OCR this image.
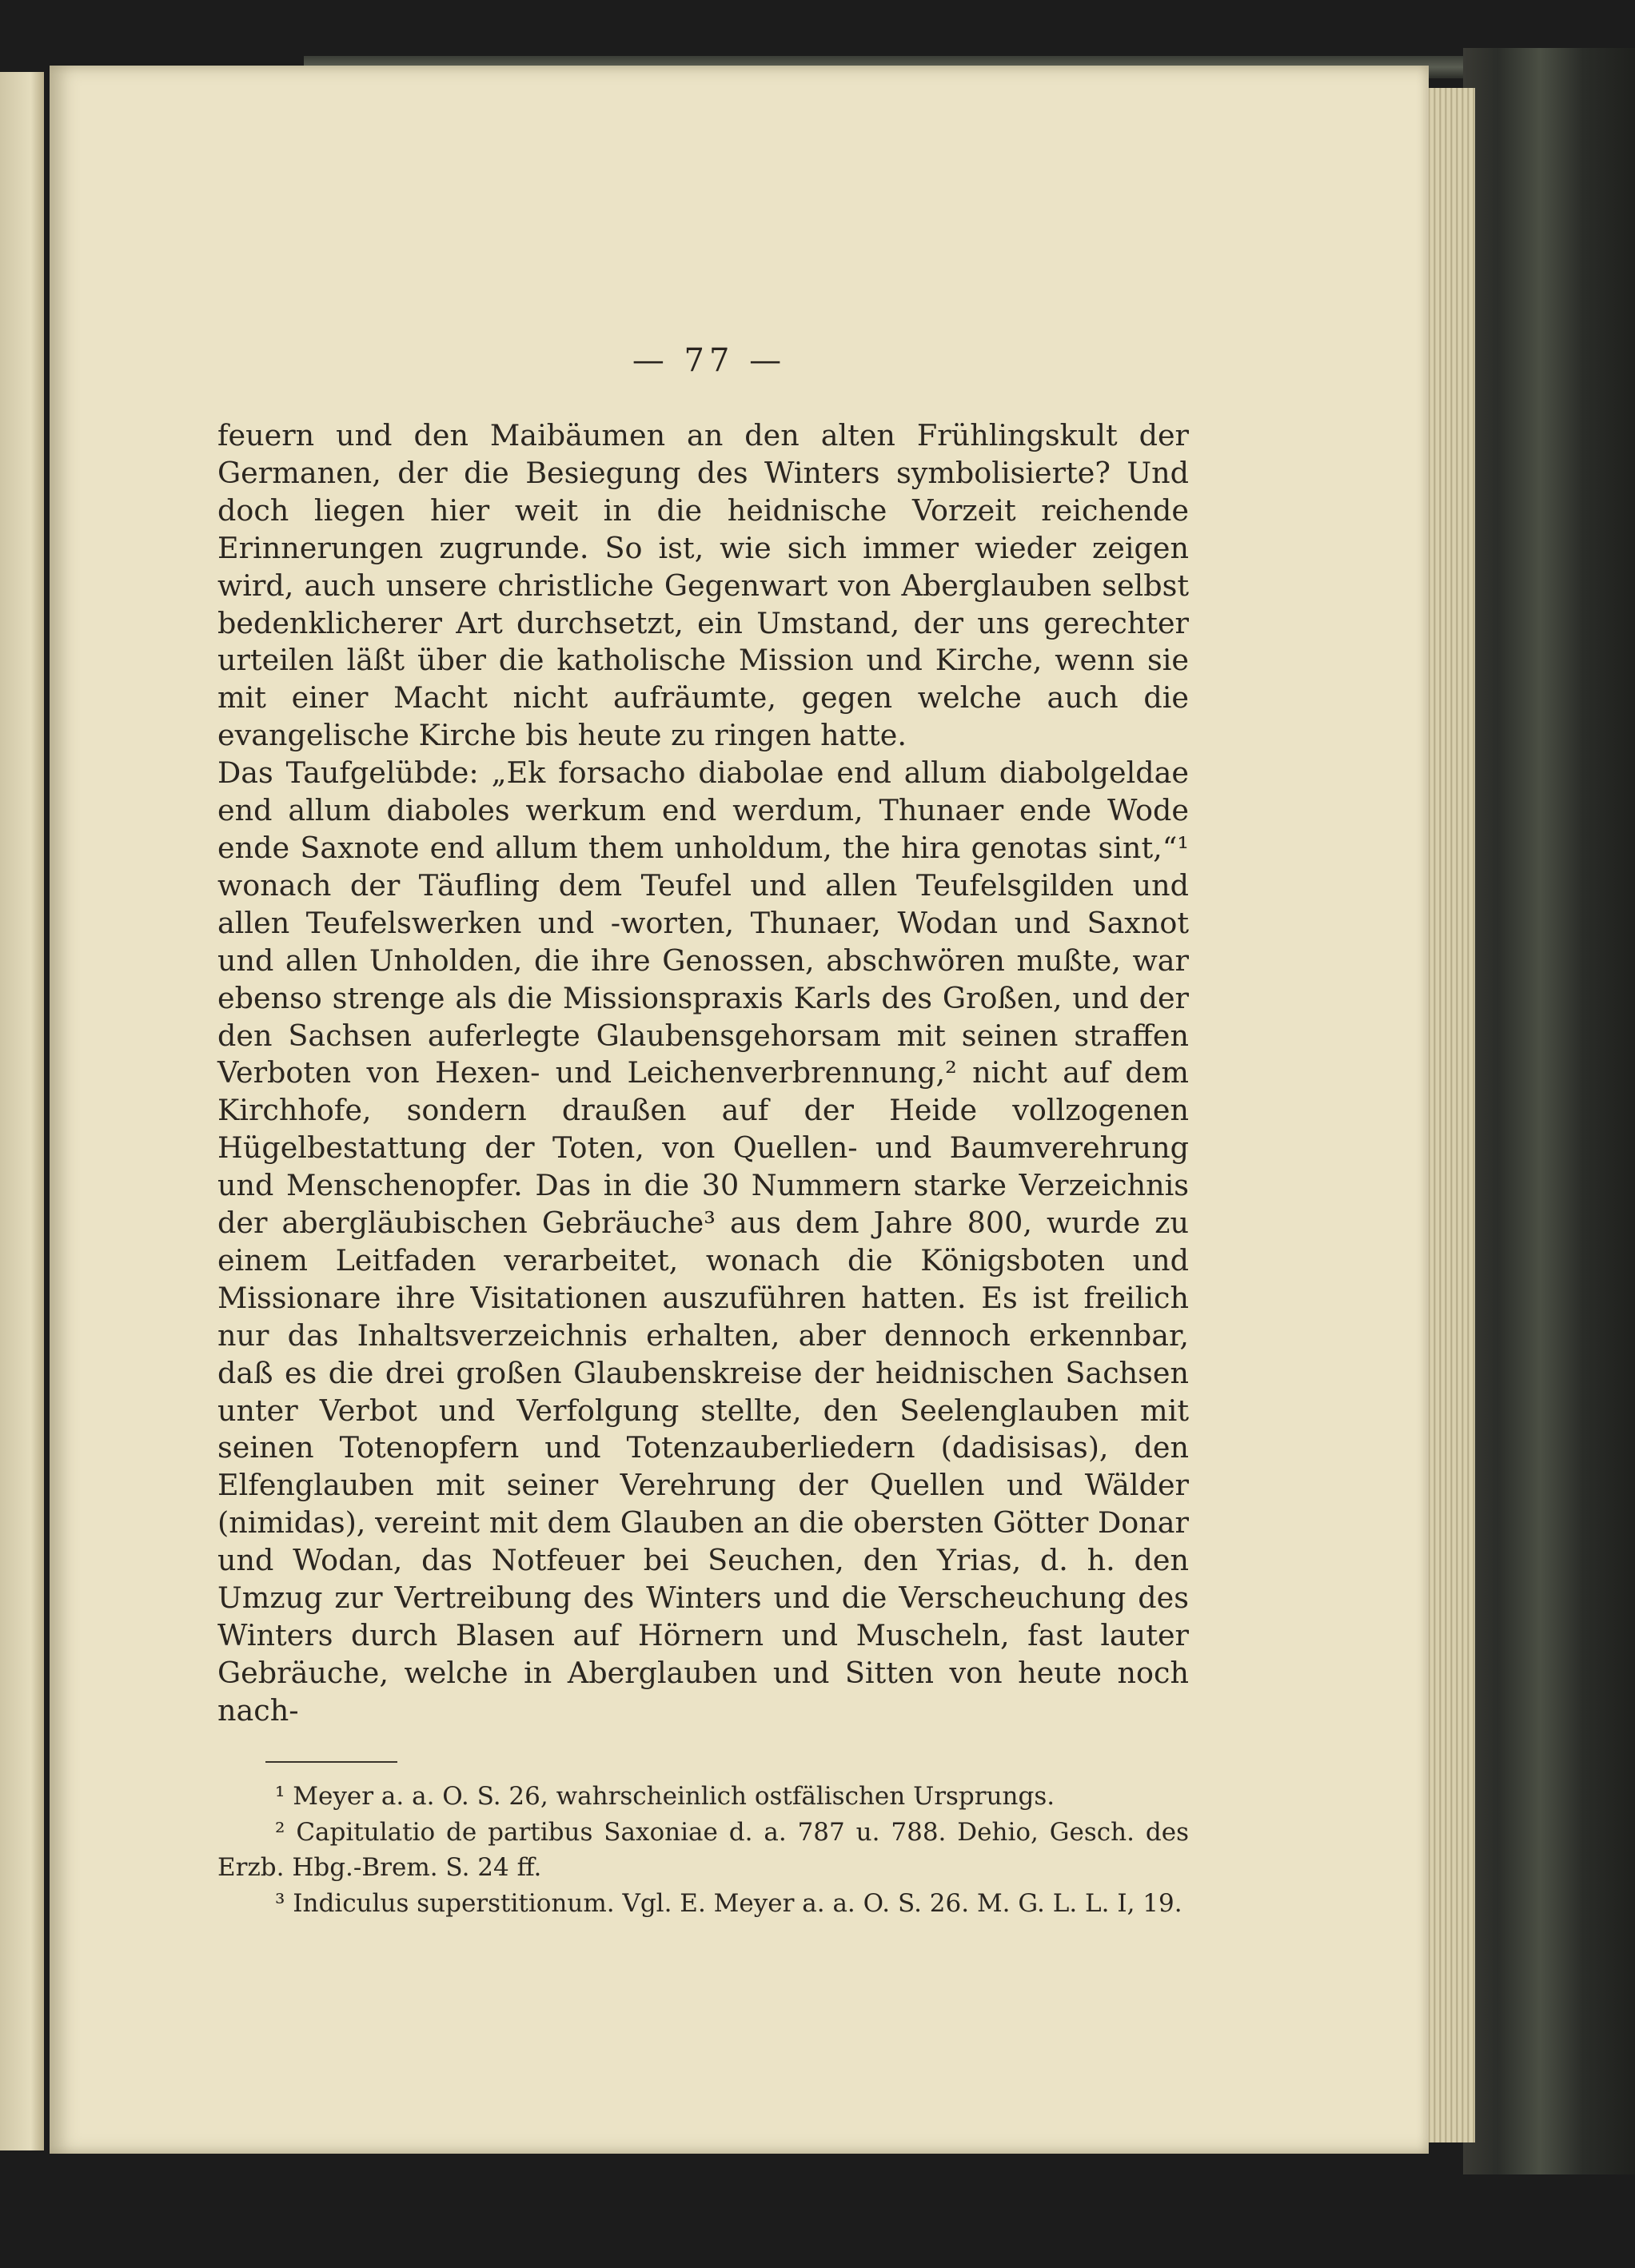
— 77 —

feuern und den Maibäumen an den alten Frühlingskult der Germanen, der die Besiegung des Winters symbolisierte? Und doch liegen hier weit in die heidnische Vorzeit reichende Erinnerungen zugrunde. So ist, wie sich immer wieder zeigen wird, auch unsere christliche Gegenwart von Aberglauben selbst bedenklicherer Art durchsetzt, ein Umstand, der uns gerechter urteilen läßt über die katholische Mission und Kirche, wenn sie mit einer Macht nicht aufräumte, gegen welche auch die evangelische Kirche bis heute zu ringen hatte.

Das Taufgelübde: „Ek forsacho diabolae end allum diabolgeldae end allum diaboles werkum end werdum, Thunaer ende Wode ende Saxnote end allum them unholdum, the hira genotas sint,“¹ wonach der Täufling dem Teufel und allen Teufelsgilden und allen Teufelswerken und -worten, Thunaer, Wodan und Saxnot und allen Unholden, die ihre Genossen, abschwören mußte, war ebenso strenge als die Missionspraxis Karls des Großen, und der den Sachsen auferlegte Glaubensgehorsam mit seinen straffen Verboten von Hexen- und Leichenverbrennung,² nicht auf dem Kirchhofe, sondern draußen auf der Heide vollzogenen Hügelbestattung der Toten, von Quellen- und Baumverehrung und Menschenopfer. Das in die 30 Nummern starke Verzeichnis der abergläubischen Gebräuche³ aus dem Jahre 800, wurde zu einem Leitfaden verarbeitet, wonach die Königsboten und Missionare ihre Visitationen auszuführen hatten. Es ist freilich nur das Inhaltsverzeichnis erhalten, aber dennoch erkennbar, daß es die drei großen Glaubenskreise der heidnischen Sachsen unter Verbot und Verfolgung stellte, den Seelenglauben mit seinen Totenopfern und Totenzauberliedern (dadisisas), den Elfenglauben mit seiner Verehrung der Quellen und Wälder (nimidas), vereint mit dem Glauben an die obersten Götter Donar und Wodan, das Notfeuer bei Seuchen, den Yrias, d. h. den Umzug zur Vertreibung des Winters und die Verscheuchung des Winters durch Blasen auf Hörnern und Muscheln, fast lauter Gebräuche, welche in Aberglauben und Sitten von heute noch nach-

¹ Meyer a. a. O. S. 26, wahrscheinlich ostfälischen Ursprungs.

² Capitulatio de partibus Saxoniae d. a. 787 u. 788. Dehio, Gesch. des Erzb. Hbg.-Brem. S. 24 ff.

³ Indiculus superstitionum. Vgl. E. Meyer a. a. O. S. 26. M. G. L. L. I, 19.
